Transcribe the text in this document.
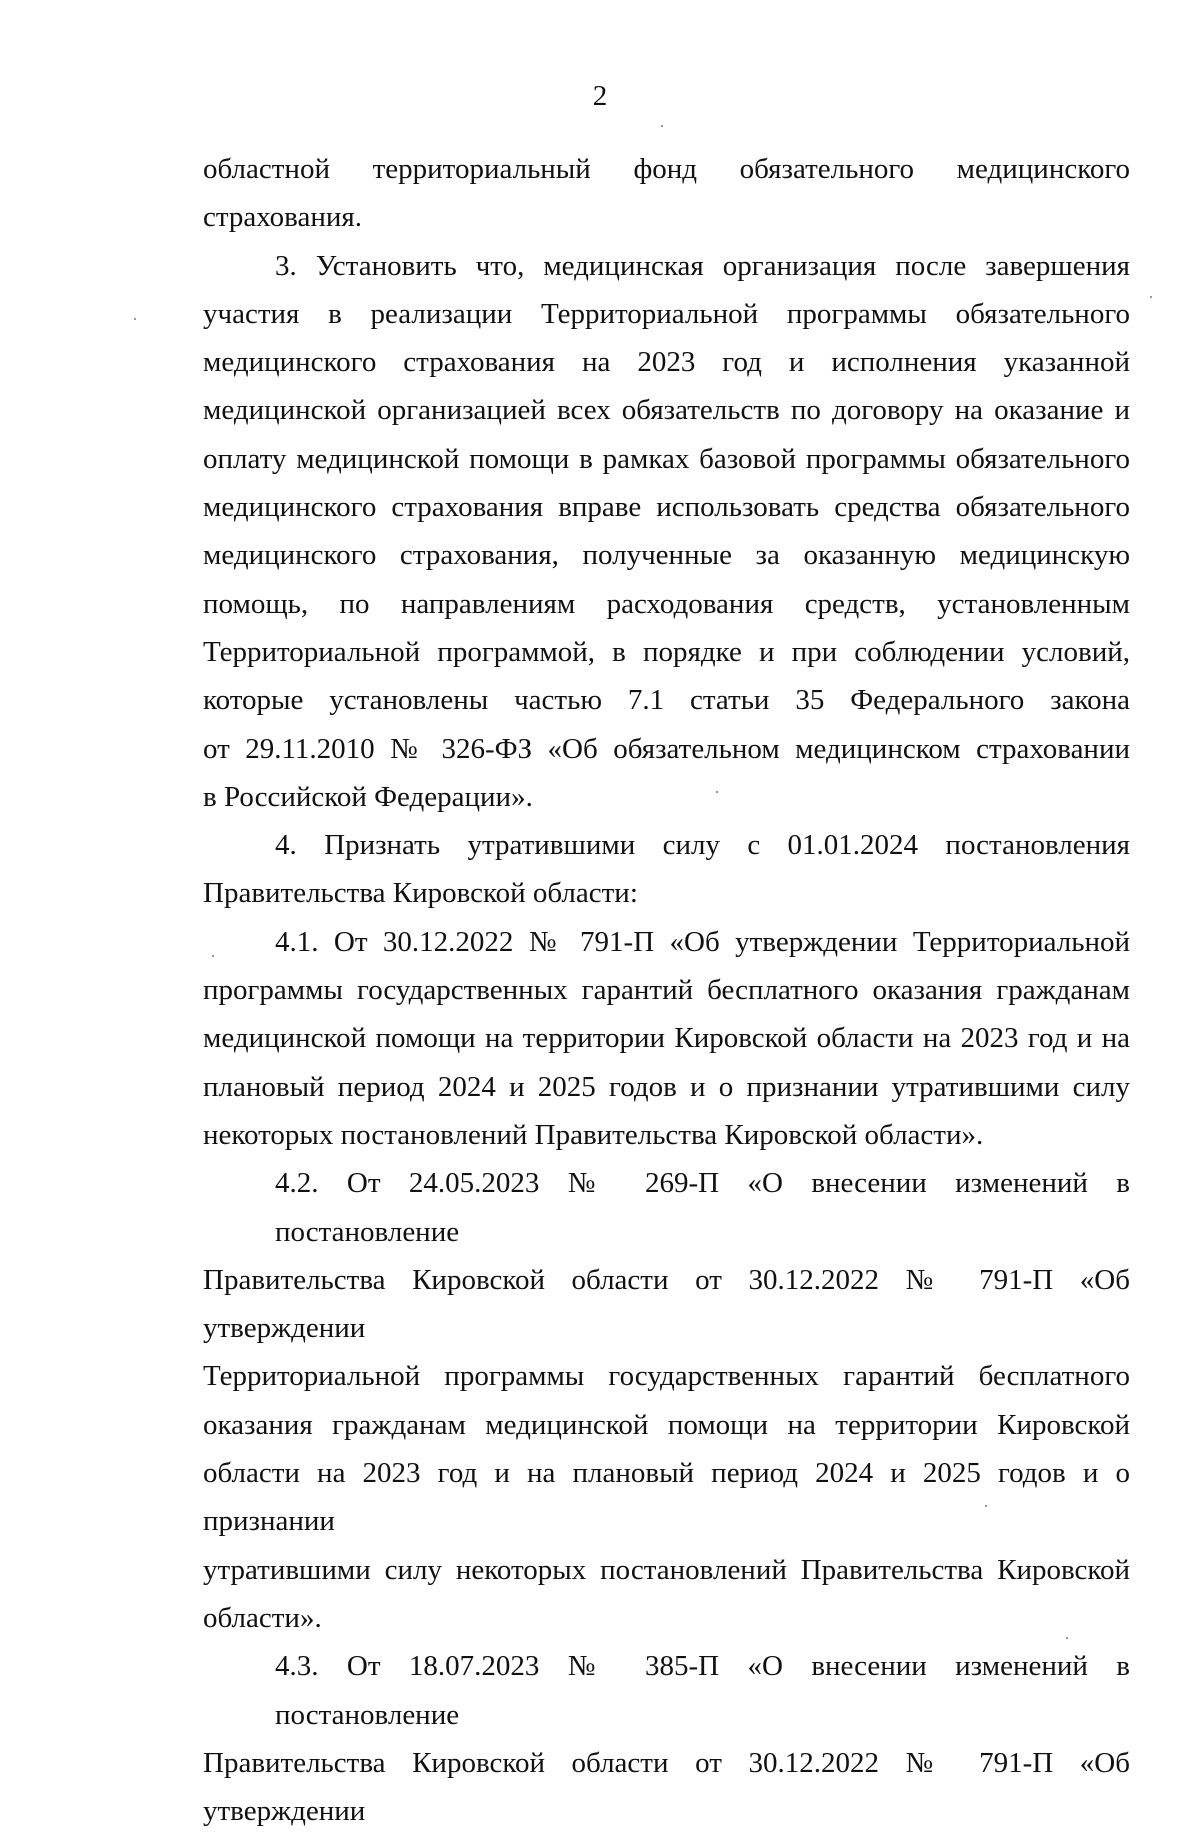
2
областной территориальный фонд обязательного медицинского
страхования.
3. Установить что, медицинская организация после завершения
участия в реализации Территориальной программы обязательного
медицинского страхования на 2023 год и исполнения указанной
медицинской организацией всех обязательств по договору на оказание и
оплату медицинской помощи в рамках базовой программы обязательного
медицинского страхования вправе использовать средства обязательного
медицинского страхования, полученные за оказанную медицинскую
помощь, по направлениям расходования средств, установленным
Территориальной программой, в порядке и при соблюдении условий,
которые установлены частью 7.1 статьи 35 Федерального закона
от 29.11.2010 № 326-ФЗ «Об обязательном медицинском страховании
в Российской Федерации».
4. Признать утратившими силу с 01.01.2024 постановления
Правительства Кировской области:
4.1. От 30.12.2022 № 791-П «Об утверждении Территориальной
программы государственных гарантий бесплатного оказания гражданам
медицинской помощи на территории Кировской области на 2023 год и на
плановый период 2024 и 2025 годов и о признании утратившими силу
некоторых постановлений Правительства Кировской области».
4.2. От 24.05.2023 № 269-П «О внесении изменений в постановление
Правительства Кировской области от 30.12.2022 № 791-П «Об утверждении
Территориальной программы государственных гарантий бесплатного
оказания гражданам медицинской помощи на территории Кировской
области на 2023 год и на плановый период 2024 и 2025 годов и о признании
утратившими силу некоторых постановлений Правительства Кировской
области».
4.3. От 18.07.2023 № 385-П «О внесении изменений в постановление
Правительства Кировской области от 30.12.2022 № 791-П «Об утверждении
